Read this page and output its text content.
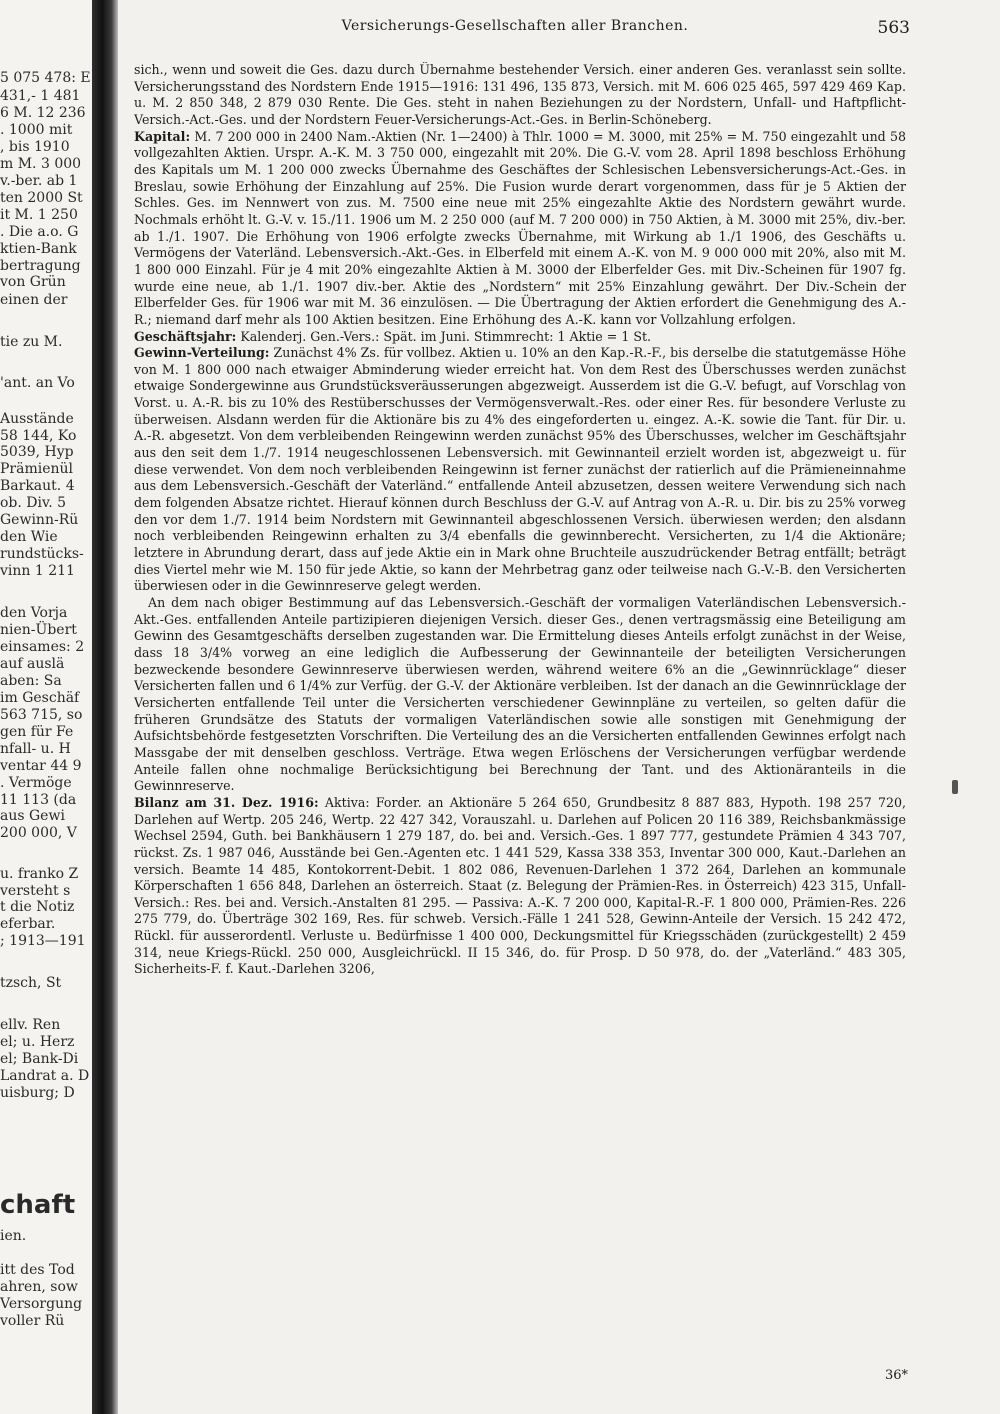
5 075 478: E
431,- 1 481
6 M. 12 236
. 1000 mit
, bis 1910
m M. 3 000
v.-ber. ab 1
ten 2000 St
it M. 1 250
. Die a.o. G
ktien-Bank
bertragung
von Grün
einen der
tie zu M.
'ant. an Vo
Ausstände
58 144, Ko
5039, Hyp
Prämienül
Barkaut. 4
ob. Div. 5
Gewinn-Rü
den Wie
rundstücks-
vinn 1 211
den Vorja
nien-Übert
einsames: 2
auf auslä
aben: Sa
im Geschäf
563 715, so
gen für Fe
nfall- u. H
ventar 44 9
. Vermöge
11 113 (da
aus Gewi
200 000, V
u. franko Z
versteht s
t die Notiz
eferbar.
; 1913—191
tzsch, St
ellv. Ren
el; u. Herz
el; Bank-Di
Landrat a. D
uisburg; D
chaft
ien.
itt des Tod
ahren, sow
Versorgung
voller Rü
Versicherungs-Gesellschaften aller Branchen.	563

sich., wenn und soweit die Ges. dazu durch Übernahme bestehender Versich. einer anderen Ges. veranlasst sein sollte. Versicherungsstand des Nordstern Ende 1915—1916: 131 496, 135 873, Versich. mit M. 606 025 465, 597 429 469 Kap. u. M. 2 850 348, 2 879 030 Rente. Die Ges. steht in nahen Beziehungen zu der Nordstern, Unfall- und Haftpflicht-Versich.-Act.-Ges. und der Nordstern Feuer-Versicherungs-Act.-Ges. in Berlin-Schöneberg.

Kapital: M. 7 200 000 in 2400 Nam.-Aktien (Nr. 1—2400) à Thlr. 1000 = M. 3000, mit 25% = M. 750 eingezahlt und 58 vollgezahlten Aktien. Urspr. A.-K. M. 3 750 000, eingezahlt mit 20%. Die G.-V. vom 28. April 1898 beschloss Erhöhung des Kapitals um M. 1 200 000 zwecks Übernahme des Geschäftes der Schlesischen Lebensversicherungs-Act.-Ges. in Breslau, sowie Erhöhung der Einzahlung auf 25%. Die Fusion wurde derart vorgenommen, dass für je 5 Aktien der Schles. Ges. im Nennwert von zus. M. 7500 eine neue mit 25% eingezahlte Aktie des Nordstern gewährt wurde. Nochmals erhöht lt. G.-V. v. 15./11. 1906 um M. 2 250 000 (auf M. 7 200 000) in 750 Aktien, à M. 3000 mit 25%, div.-ber. ab 1./1. 1907. Die Erhöhung von 1906 erfolgte zwecks Übernahme, mit Wirkung ab 1./1 1906, des Geschäfts u. Vermögens der Vaterländ. Lebensversich.-Akt.-Ges. in Elberfeld mit einem A.-K. von M. 9 000 000 mit 20%, also mit M. 1 800 000 Einzahl. Für je 4 mit 20% eingezahlte Aktien à M. 3000 der Elberfelder Ges. mit Div.-Scheinen für 1907 fg. wurde eine neue, ab 1./1. 1907 div.-ber. Aktie des „Nordstern“ mit 25% Einzahlung gewährt. Der Div.-Schein der Elberfelder Ges. für 1906 war mit M. 36 einzulösen. — Die Übertragung der Aktien erfordert die Genehmigung des A.-R.; niemand darf mehr als 100 Aktien besitzen. Eine Erhöhung des A.-K. kann vor Vollzahlung erfolgen.

Geschäftsjahr: Kalenderj. Gen.-Vers.: Spät. im Juni. Stimmrecht: 1 Aktie = 1 St.

Gewinn-Verteilung: Zunächst 4% Zs. für vollbez. Aktien u. 10% an den Kap.-R.-F., bis derselbe die statutgemässe Höhe von M. 1 800 000 nach etwaiger Abminderung wieder erreicht hat. Von dem Rest des Überschusses werden zunächst etwaige Sondergewinne aus Grundstücksveräusserungen abgezweigt. Ausserdem ist die G.-V. befugt, auf Vorschlag von Vorst. u. A.-R. bis zu 10% des Restüberschusses der Vermögensverwalt.-Res. oder einer Res. für besondere Verluste zu überweisen. Alsdann werden für die Aktionäre bis zu 4% des eingeforderten u. eingez. A.-K. sowie die Tant. für Dir. u. A.-R. abgesetzt. Von dem verbleibenden Reingewinn werden zunächst 95% des Überschusses, welcher im Geschäftsjahr aus den seit dem 1./7. 1914 neugeschlossenen Lebensversich. mit Gewinnanteil erzielt worden ist, abgezweigt u. für diese verwendet. Von dem noch verbleibenden Reingewinn ist ferner zunächst der ratierlich auf die Prämieneinnahme aus dem Lebensversich.-Geschäft der Vaterländ.“ entfallende Anteil abzusetzen, dessen weitere Verwendung sich nach dem folgenden Absatze richtet. Hierauf können durch Beschluss der G.-V. auf Antrag von A.-R. u. Dir. bis zu 25% vorweg den vor dem 1./7. 1914 beim Nordstern mit Gewinnanteil abgeschlossenen Versich. überwiesen werden; den alsdann noch verbleibenden Reingewinn erhalten zu 3/4 ebenfalls die gewinnberecht. Versicherten, zu 1/4 die Aktionäre; letztere in Abrundung derart, dass auf jede Aktie ein in Mark ohne Bruchteile auszudrückender Betrag entfällt; beträgt dies Viertel mehr wie M. 150 für jede Aktie, so kann der Mehrbetrag ganz oder teilweise nach G.-V.-B. den Versicherten überwiesen oder in die Gewinnreserve gelegt werden.

An dem nach obiger Bestimmung auf das Lebensversich.-Geschäft der vormaligen Vaterländischen Lebensversich.-Akt.-Ges. entfallenden Anteile partizipieren diejenigen Versich. dieser Ges., denen vertragsmässig eine Beteiligung am Gewinn des Gesamtgeschäfts derselben zugestanden war. Die Ermittelung dieses Anteils erfolgt zunächst in der Weise, dass 18 3/4% vorweg an eine lediglich die Aufbesserung der Gewinnanteile der beteiligten Versicherungen bezweckende besondere Gewinnreserve überwiesen werden, während weitere 6% an die „Gewinnrücklage“ dieser Versicherten fallen und 6 1/4% zur Verfüg. der G.-V. der Aktionäre verbleiben. Ist der danach an die Gewinnrücklage der Versicherten entfallende Teil unter die Versicherten verschiedener Gewinnpläne zu verteilen, so gelten dafür die früheren Grundsätze des Statuts der vormaligen Vaterländischen sowie alle sonstigen mit Genehmigung der Aufsichtsbehörde festgesetzten Vorschriften. Die Verteilung des an die Versicherten entfallenden Gewinnes erfolgt nach Massgabe der mit denselben geschloss. Verträge. Etwa wegen Erlöschens der Versicherungen verfügbar werdende Anteile fallen ohne nochmalige Berücksichtigung bei Berechnung der Tant. und des Aktionäranteils in die Gewinnreserve.

Bilanz am 31. Dez. 1916: Aktiva: Forder. an Aktionäre 5 264 650, Grundbesitz 8 887 883, Hypoth. 198 257 720, Darlehen auf Wertp. 205 246, Wertp. 22 427 342, Vorauszahl. u. Darlehen auf Policen 20 116 389, Reichsbankmässige Wechsel 2594, Guth. bei Bankhäusern 1 279 187, do. bei and. Versich.-Ges. 1 897 777, gestundete Prämien 4 343 707, rückst. Zs. 1 987 046, Ausstände bei Gen.-Agenten etc. 1 441 529, Kassa 338 353, Inventar 300 000, Kaut.-Darlehen an versich. Beamte 14 485, Kontokorrent-Debit. 1 802 086, Revenuen-Darlehen 1 372 264, Darlehen an kommunale Körperschaften 1 656 848, Darlehen an österreich. Staat (z. Belegung der Prämien-Res. in Österreich) 423 315, Unfall-Versich.: Res. bei and. Versich.-Anstalten 81 295. — Passiva: A.-K. 7 200 000, Kapital-R.-F. 1 800 000, Prämien-Res. 226 275 779, do. Überträge 302 169, Res. für schweb. Versich.-Fälle 1 241 528, Gewinn-Anteile der Versich. 15 242 472, Rückl. für ausserordentl. Verluste u. Bedürfnisse 1 400 000, Deckungsmittel für Kriegsschäden (zurückgestellt) 2 459 314, neue Kriegs-Rückl. 250 000, Ausgleichrückl. II 15 346, do. für Prosp. D 50 978, do. der „Vaterländ.“ 483 305, Sicherheits-F. f. Kaut.-Darlehen 3206,

36*
